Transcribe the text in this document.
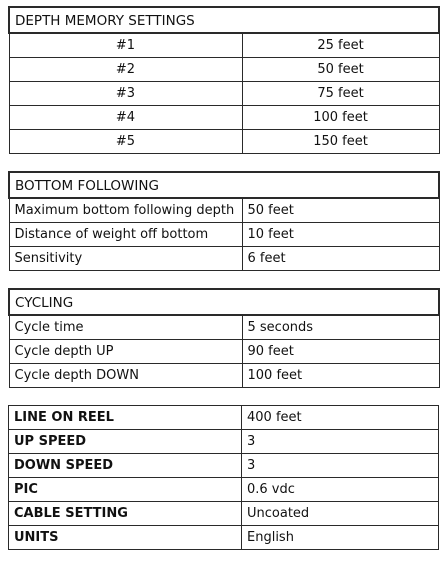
DEPTH MEMORY SETTINGS	
#1	25 feet
#2	50 feet
#3	75 feet
#4	100 feet
#5	150 feet
BOTTOM FOLLOWING	
Maximum bottom following depth	50 feet
Distance of weight off bottom	10 feet
Sensitivity	6 feet
CYCLING	
Cycle time	5 seconds
Cycle depth UP	90 feet
Cycle depth DOWN	100 feet
LINE ON REEL	400 feet
UP SPEED	3
DOWN SPEED	3
PIC	0.6 vdc
CABLE SETTING	Uncoated
UNITS	English
